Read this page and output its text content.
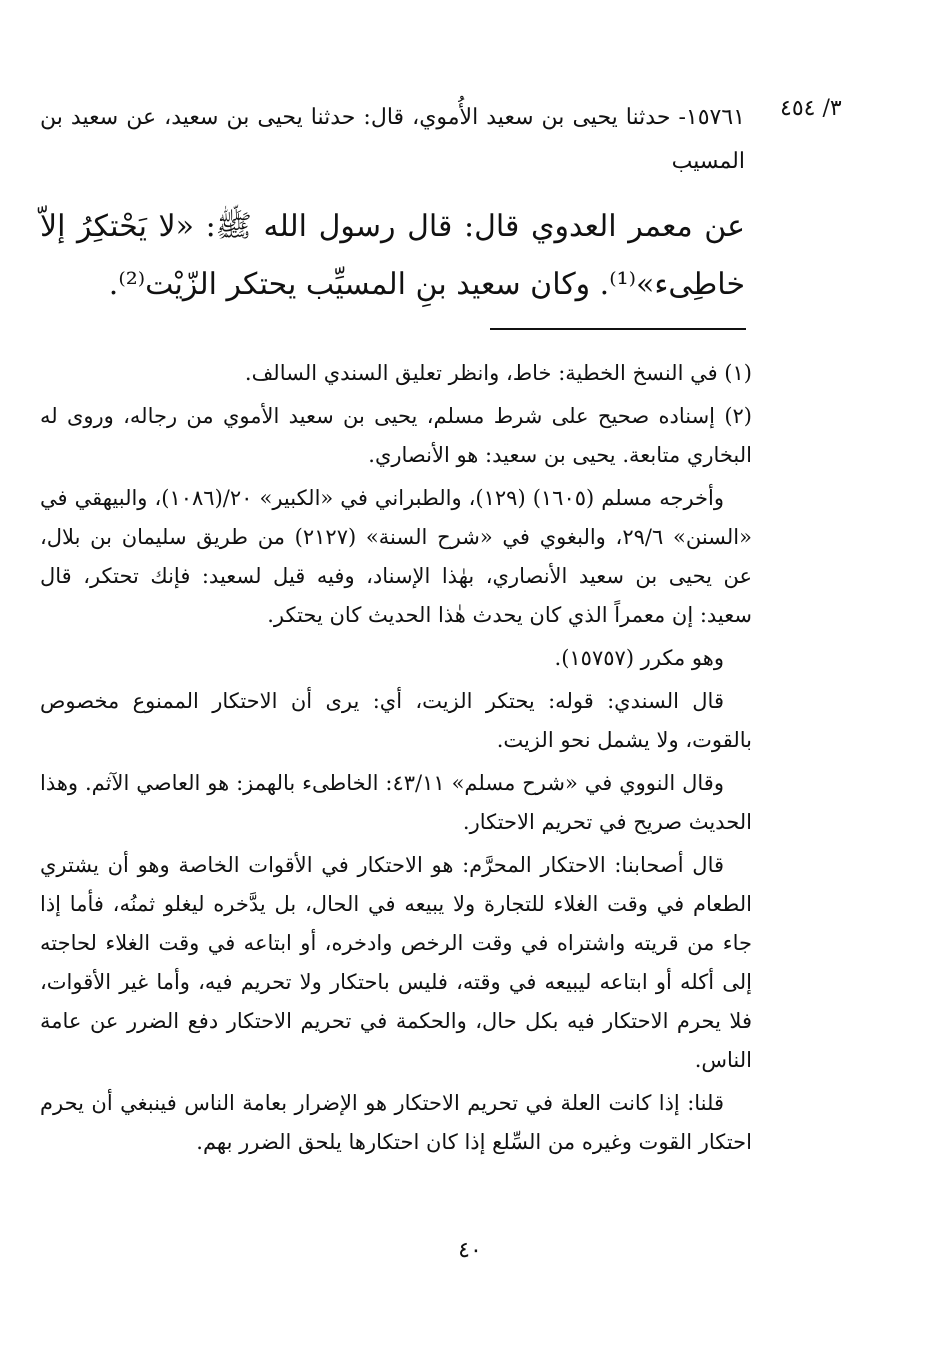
٣/ ٤٥٤
١٥٧٦١- حدثنا يحيى بن سعيد الأُموي، قال: حدثنا يحيى بن سعيد، عن سعيد بن المسيب
عن معمر العدوي قال: قال رسول الله ﷺ: «لا يَحْتكِرُ إلاّ خاطِىء»⁽¹⁾. وكان سعيد بنِ المسيِّب يحتكر الزّيْت⁽²⁾.

(١) في النسخ الخطية: خاط، وانظر تعليق السندي السالف.

(٢) إسناده صحيح على شرط مسلم، يحيى بن سعيد الأموي من رجاله، وروى له البخاري متابعة. يحيى بن سعيد: هو الأنصاري.

وأخرجه مسلم (١٦٠٥) (١٢٩)، والطبراني في «الكبير» ٢٠/(١٠٨٦)، والبيهقي في «السنن» ٢٩/٦، والبغوي في «شرح السنة» (٢١٢٧) من طريق سليمان بن بلال، عن يحيى بن سعيد الأنصاري، بهٰذا الإسناد، وفيه قيل لسعيد: فإنك تحتكر، قال سعيد: إن معمراً الذي كان يحدث هٰذا الحديث كان يحتكر.

وهو مكرر (١٥٧٥٧).

قال السندي: قوله: يحتكر الزيت، أي: يرى أن الاحتكار الممنوع مخصوص بالقوت، ولا يشمل نحو الزيت.

وقال النووي في «شرح مسلم» ٤٣/١١: الخاطىء بالهمز: هو العاصي الآثم. وهذا الحديث صريح في تحريم الاحتكار.

قال أصحابنا: الاحتكار المحرَّم: هو الاحتكار في الأقوات الخاصة وهو أن يشتري الطعام في وقت الغلاء للتجارة ولا يبيعه في الحال، بل يدَّخره ليغلو ثمنُه، فأما إذا جاء من قريته واشتراه في وقت الرخص وادخره، أو ابتاعه في وقت الغلاء لحاجته إلى أكله أو ابتاعه ليبيعه في وقته، فليس باحتكار ولا تحريم فيه، وأما غير الأقوات، فلا يحرم الاحتكار فيه بكل حال، والحكمة في تحريم الاحتكار دفع الضرر عن عامة الناس.

قلنا: إذا كانت العلة في تحريم الاحتكار هو الإضرار بعامة الناس فينبغي أن يحرم احتكار القوت وغيره من السِّلع إذا كان احتكارها يلحق الضرر بهم.

٤٠
